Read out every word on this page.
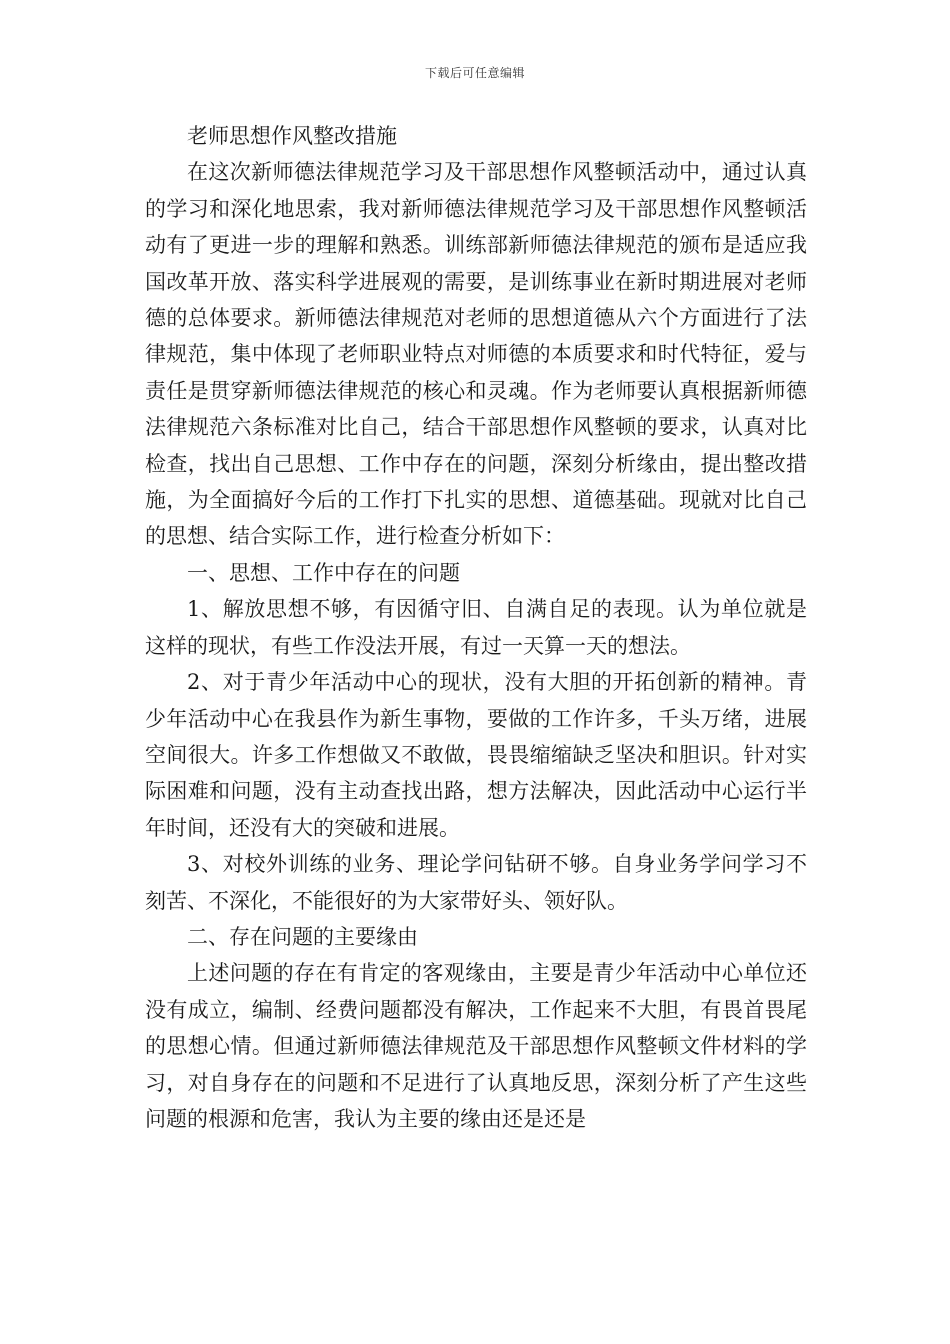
下载后可任意编辑

老师思想作风整改措施

在这次新师德法律规范学习及干部思想作风整顿活动中，通过认真的学习和深化地思索，我对新师德法律规范学习及干部思想作风整顿活动有了更进一步的理解和熟悉。训练部新师德法律规范的颁布是适应我国改革开放、落实科学进展观的需要，是训练事业在新时期进展对老师德的总体要求。新师德法律规范对老师的思想道德从六个方面进行了法律规范，集中体现了老师职业特点对师德的本质要求和时代特征，爱与责任是贯穿新师德法律规范的核心和灵魂。作为老师要认真根据新师德法律规范六条标准对比自己，结合干部思想作风整顿的要求，认真对比检查，找出自己思想、工作中存在的问题，深刻分析缘由，提出整改措施，为全面搞好今后的工作打下扎实的思想、道德基础。现就对比自己的思想、结合实际工作，进行检查分析如下：

一、思想、工作中存在的问题

1、解放思想不够，有因循守旧、自满自足的表现。认为单位就是这样的现状，有些工作没法开展，有过一天算一天的想法。

2、对于青少年活动中心的现状，没有大胆的开拓创新的精神。青少年活动中心在我县作为新生事物，要做的工作许多，千头万绪，进展空间很大。许多工作想做又不敢做，畏畏缩缩缺乏坚决和胆识。针对实际困难和问题，没有主动查找出路，想方法解决，因此活动中心运行半年时间，还没有大的突破和进展。

3、对校外训练的业务、理论学问钻研不够。自身业务学问学习不刻苦、不深化，不能很好的为大家带好头、领好队。

二、存在问题的主要缘由

上述问题的存在有肯定的客观缘由，主要是青少年活动中心单位还没有成立，编制、经费问题都没有解决，工作起来不大胆，有畏首畏尾的思想心情。但通过新师德法律规范及干部思想作风整顿文件材料的学习，对自身存在的问题和不足进行了认真地反思，深刻分析了产生这些问题的根源和危害，我认为主要的缘由还是还是
